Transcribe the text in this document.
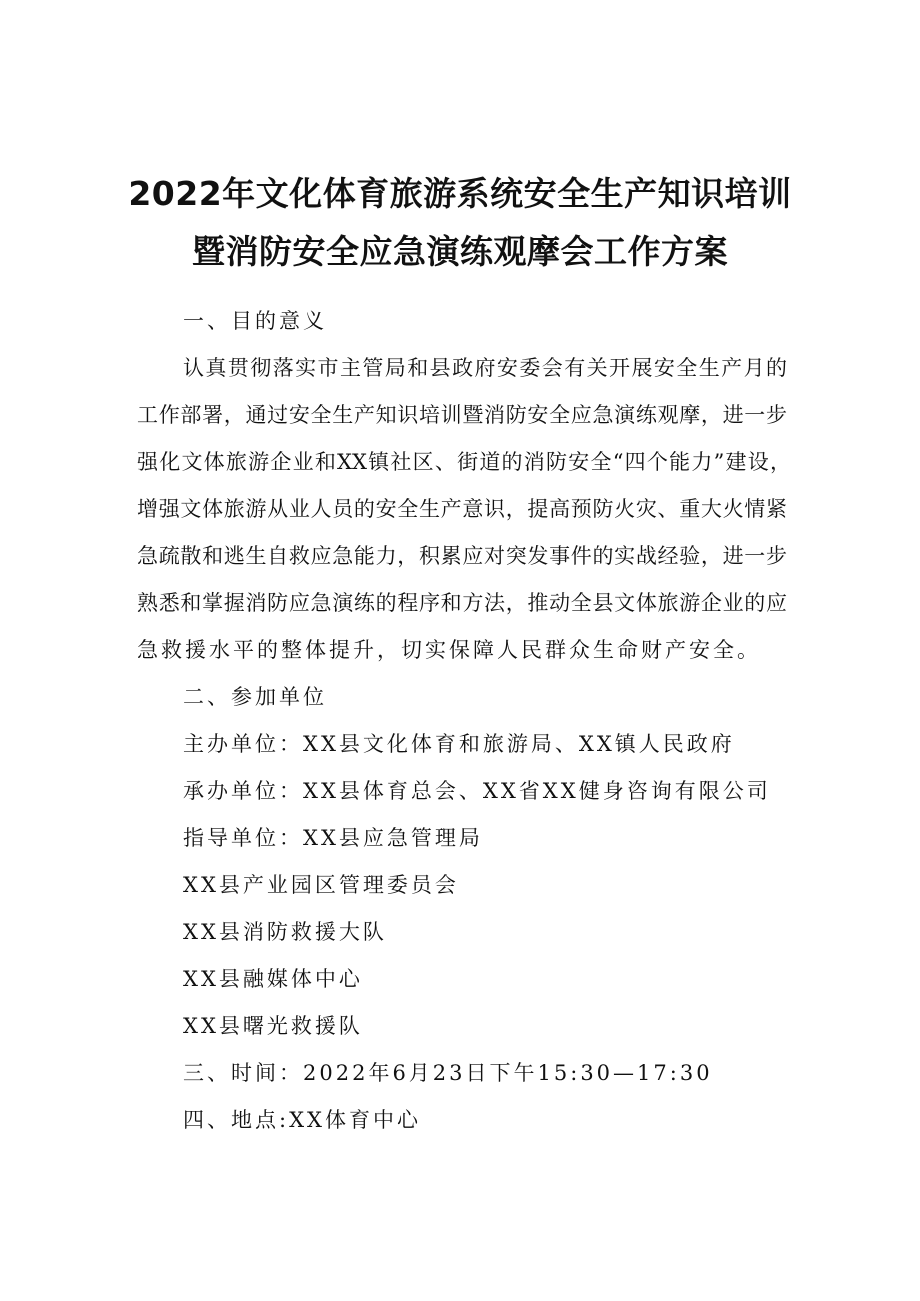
2022年文化体育旅游系统安全生产知识培训
暨消防安全应急演练观摩会工作方案
一、目的意义
认真贯彻落实市主管局和县政府安委会有关开展安全生产月的
工作部署，通过安全生产知识培训暨消防安全应急演练观摩，进一步
强化文体旅游企业和XX镇社区、街道的消防安全“四个能力”建设，
增强文体旅游从业人员的安全生产意识，提高预防火灾、重大火情紧
急疏散和逃生自救应急能力，积累应对突发事件的实战经验，进一步
熟悉和掌握消防应急演练的程序和方法，推动全县文体旅游企业的应
急救援水平的整体提升，切实保障人民群众生命财产安全。
二、参加单位
主办单位：XX县文化体育和旅游局、XX镇人民政府
承办单位：XX县体育总会、XX省XX健身咨询有限公司
指导单位：XX县应急管理局
XX县产业园区管理委员会
XX县消防救援大队
XX县融媒体中心
XX县曙光救援队
三、时间：2022年6月23日下午15:30—17:30
四、地点:XX体育中心
